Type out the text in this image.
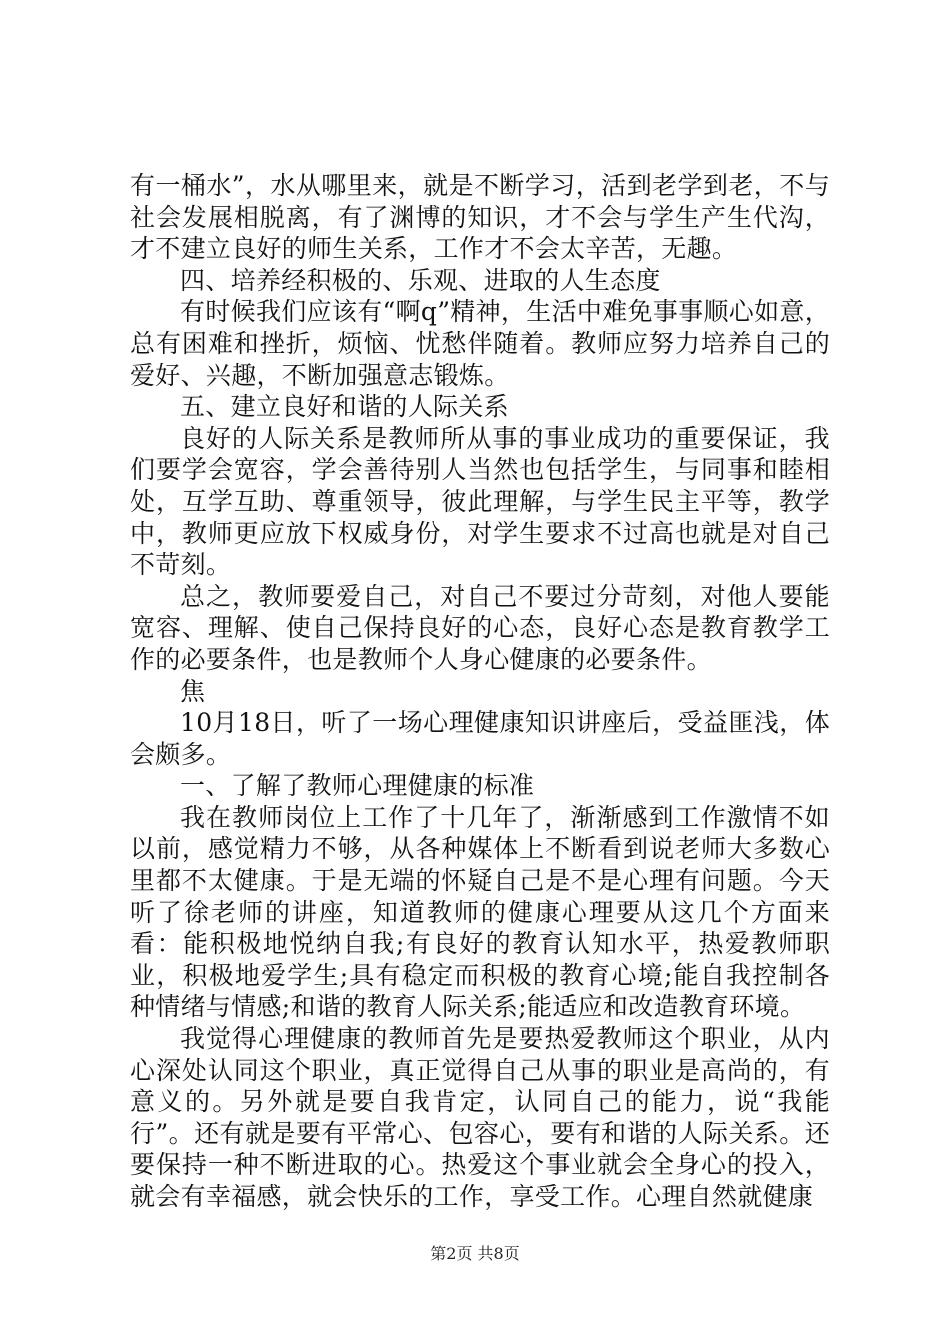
有一桶水”，水从哪里来，就是不断学习，活到老学到老，不与社会发展相脱离，有了渊博的知识，才不会与学生产生代沟，才不建立良好的师生关系，工作才不会太辛苦，无趣。

四、培养经积极的、乐观、进取的人生态度

有时候我们应该有“啊q”精神，生活中难免事事顺心如意，总有困难和挫折，烦恼、忧愁伴随着。教师应努力培养自己的爱好、兴趣，不断加强意志锻炼。

五、建立良好和谐的人际关系

良好的人际关系是教师所从事的事业成功的重要保证，我们要学会宽容，学会善待别人当然也包括学生，与同事和睦相处，互学互助、尊重领导，彼此理解，与学生民主平等，教学中，教师更应放下权威身份，对学生要求不过高也就是对自己不苛刻。

总之，教师要爱自己，对自己不要过分苛刻，对他人要能宽容、理解、使自己保持良好的心态，良好心态是教育教学工作的必要条件，也是教师个人身心健康的必要条件。

焦

10月18日，听了一场心理健康知识讲座后，受益匪浅，体会颇多。

一、了解了教师心理健康的标准

我在教师岗位上工作了十几年了，渐渐感到工作激情不如以前，感觉精力不够，从各种媒体上不断看到说老师大多数心里都不太健康。于是无端的怀疑自己是不是心理有问题。今天听了徐老师的讲座，知道教师的健康心理要从这几个方面来看：能积极地悦纳自我;有良好的教育认知水平，热爱教师职业，积极地爱学生;具有稳定而积极的教育心境;能自我控制各种情绪与情感;和谐的教育人际关系;能适应和改造教育环境。

我觉得心理健康的教师首先是要热爱教师这个职业，从内心深处认同这个职业，真正觉得自己从事的职业是高尚的，有意义的。另外就是要自我肯定，认同自己的能力，说“我能行”。还有就是要有平常心、包容心，要有和谐的人际关系。还要保持一种不断进取的心。热爱这个事业就会全身心的投入，就会有幸福感，就会快乐的工作，享受工作。心理自然就健康

第2页 共8页
